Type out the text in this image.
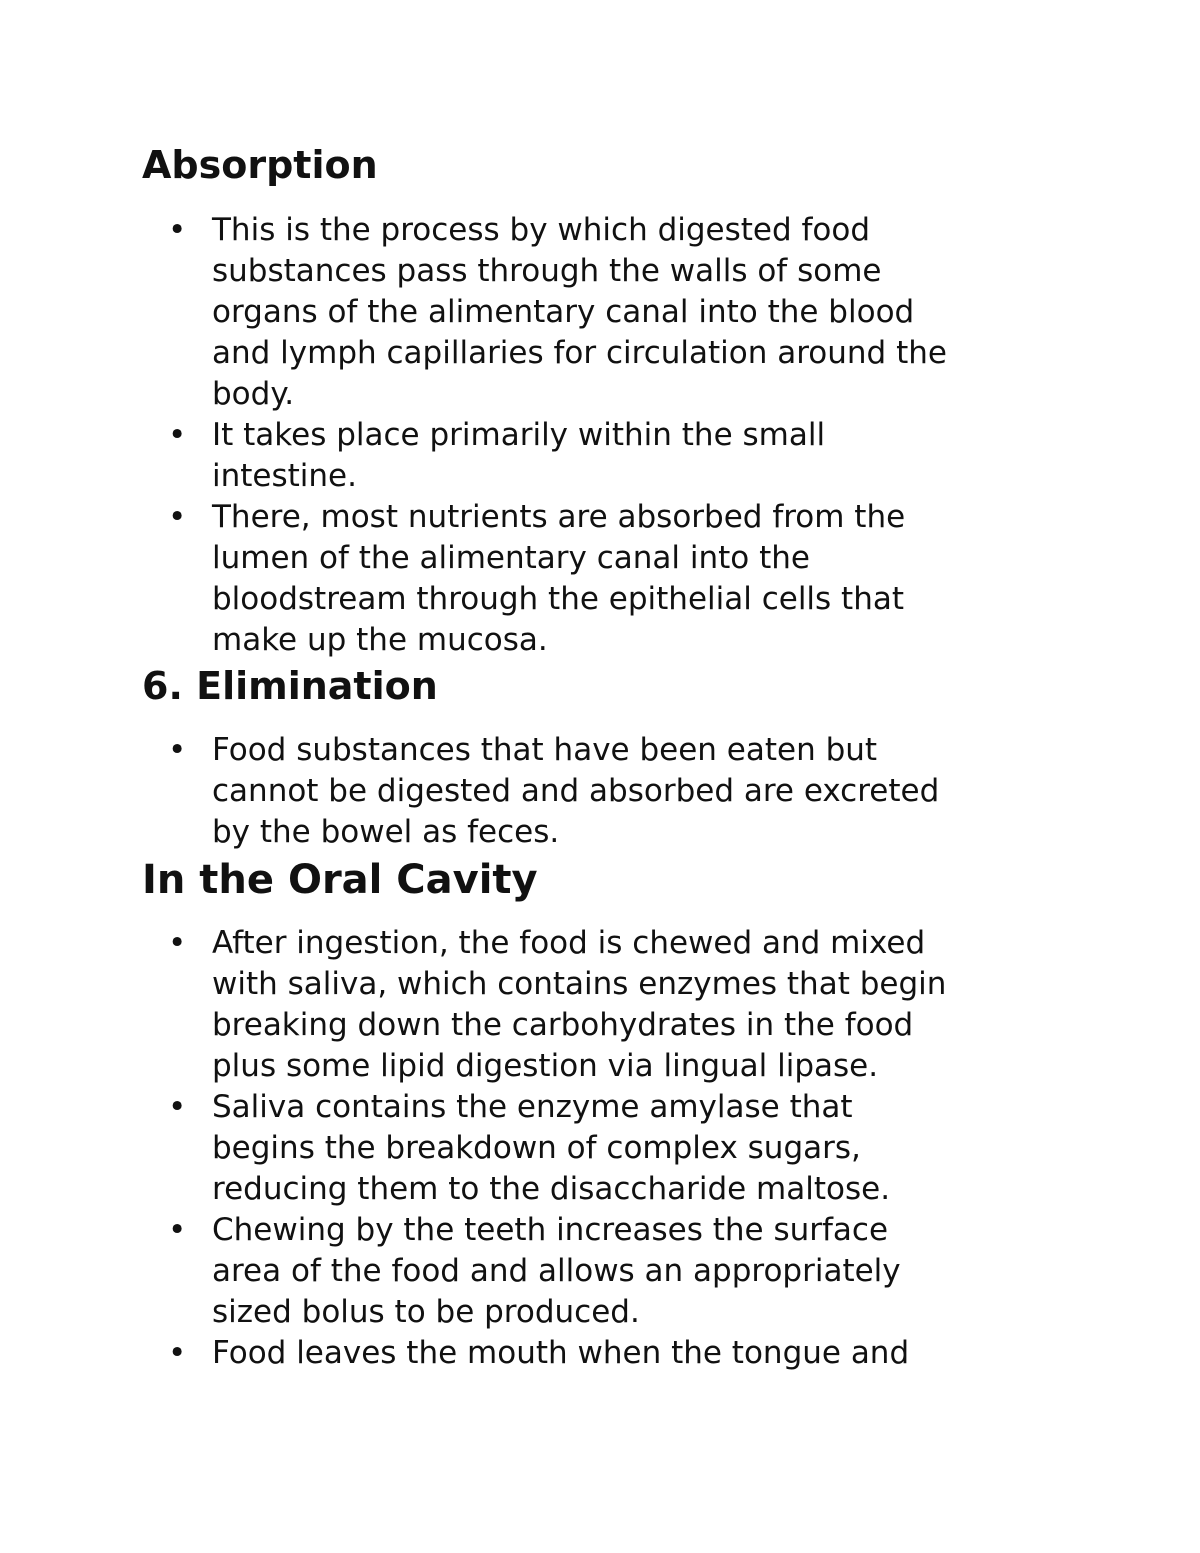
Absorption
• This is the process by which digested food
substances pass through the walls of some
organs of the alimentary canal into the blood
and lymph capillaries for circulation around the
body.
• It takes place primarily within the small
intestine.
• There, most nutrients are absorbed from the
lumen of the alimentary canal into the
bloodstream through the epithelial cells that
make up the mucosa.
6. Elimination
• Food substances that have been eaten but
cannot be digested and absorbed are excreted
by the bowel as feces.
In the Oral Cavity
• After ingestion, the food is chewed and mixed
with saliva, which contains enzymes that begin
breaking down the carbohydrates in the food
plus some lipid digestion via lingual lipase.
• Saliva contains the enzyme amylase that
begins the breakdown of complex sugars,
reducing them to the disaccharide maltose.
• Chewing by the teeth increases the surface
area of the food and allows an appropriately
sized bolus to be produced.
• Food leaves the mouth when the tongue and
